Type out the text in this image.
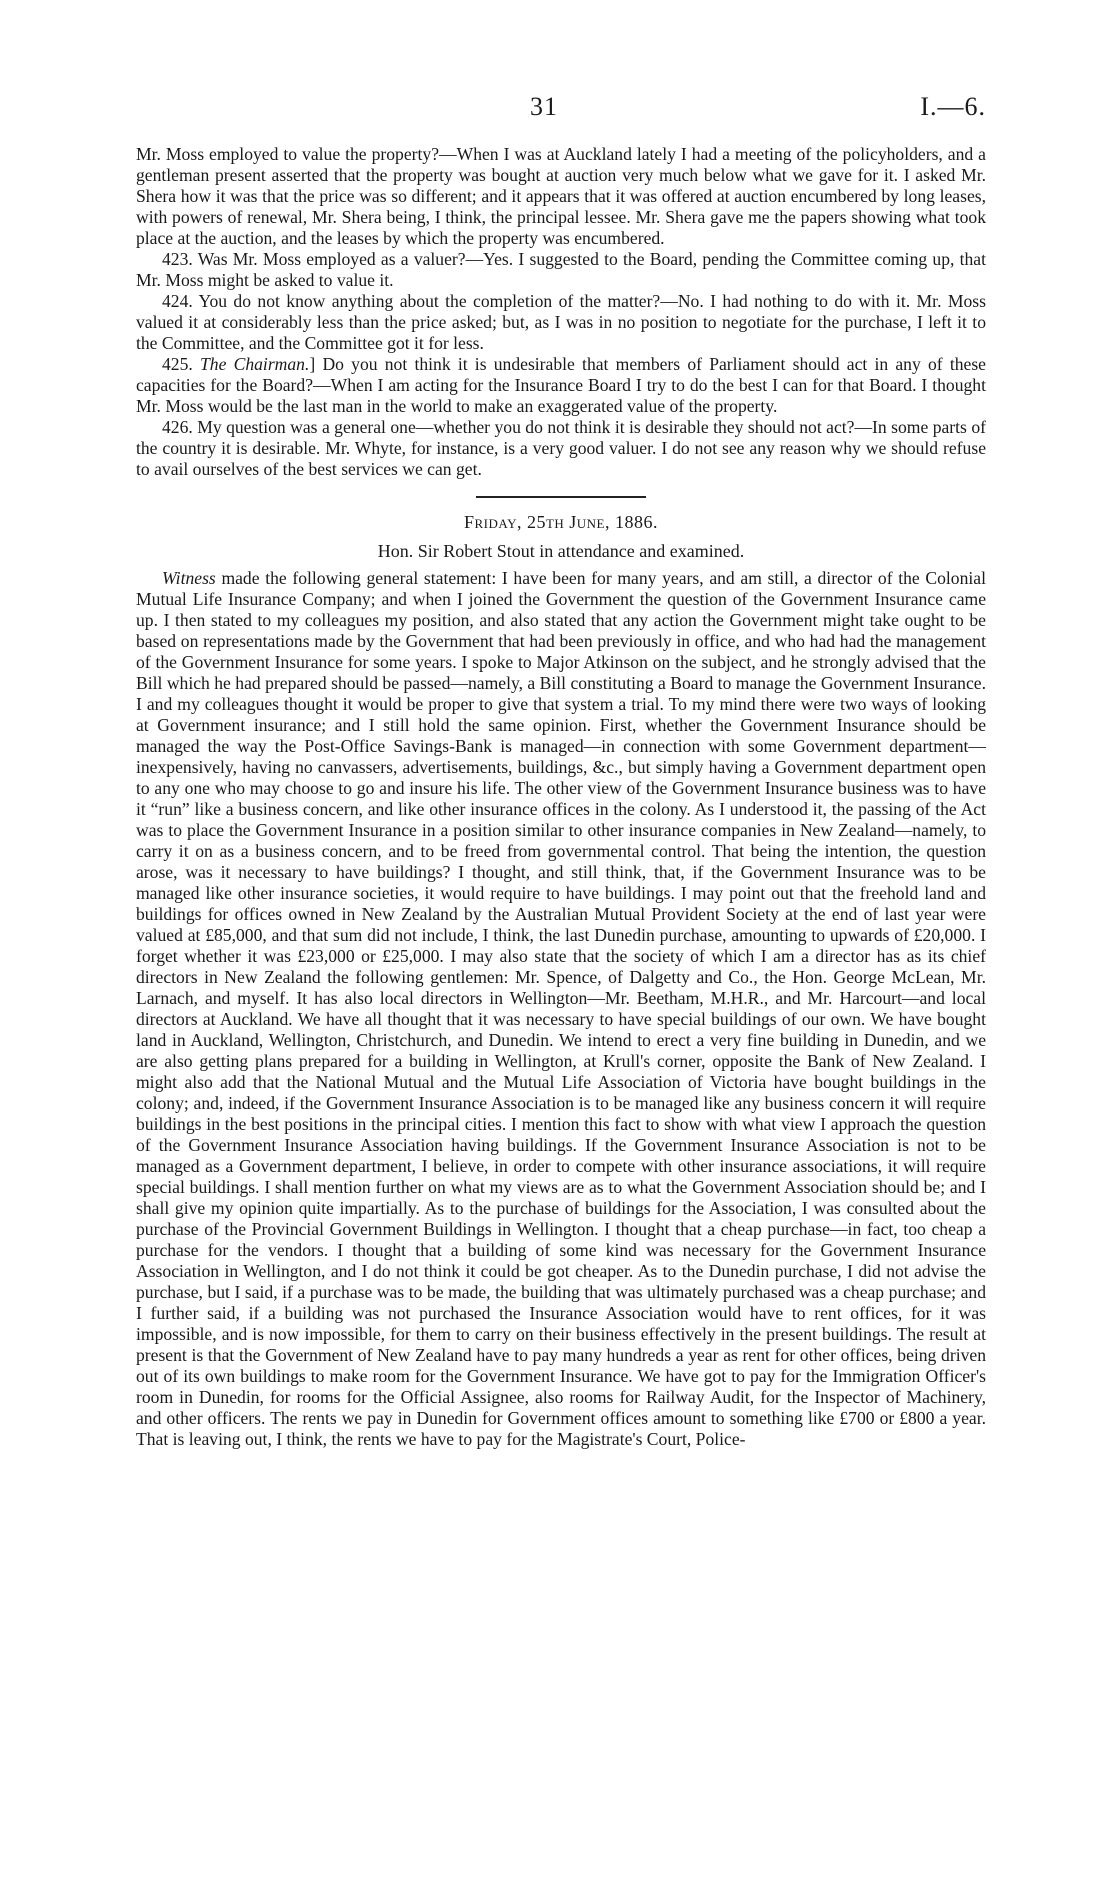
31	I.—6.

Mr. Moss employed to value the property?—When I was at Auckland lately I had a meeting of the policyholders, and a gentleman present asserted that the property was bought at auction very much below what we gave for it. I asked Mr. Shera how it was that the price was so different; and it appears that it was offered at auction encumbered by long leases, with powers of renewal, Mr. Shera being, I think, the principal lessee. Mr. Shera gave me the papers showing what took place at the auction, and the leases by which the property was encumbered.

423. Was Mr. Moss employed as a valuer?—Yes. I suggested to the Board, pending the Committee coming up, that Mr. Moss might be asked to value it.

424. You do not know anything about the completion of the matter?—No. I had nothing to do with it. Mr. Moss valued it at considerably less than the price asked; but, as I was in no position to negotiate for the purchase, I left it to the Committee, and the Committee got it for less.

425. The Chairman.] Do you not think it is undesirable that members of Parliament should act in any of these capacities for the Board?—When I am acting for the Insurance Board I try to do the best I can for that Board. I thought Mr. Moss would be the last man in the world to make an exaggerated value of the property.

426. My question was a general one—whether you do not think it is desirable they should not act?—In some parts of the country it is desirable. Mr. Whyte, for instance, is a very good valuer. I do not see any reason why we should refuse to avail ourselves of the best services we can get.

Friday, 25th June, 1886.

Hon. Sir Robert Stout in attendance and examined.

Witness made the following general statement: I have been for many years, and am still, a director of the Colonial Mutual Life Insurance Company; and when I joined the Government the question of the Government Insurance came up. I then stated to my colleagues my position, and also stated that any action the Government might take ought to be based on representations made by the Government that had been previously in office, and who had had the management of the Government Insurance for some years. I spoke to Major Atkinson on the subject, and he strongly advised that the Bill which he had prepared should be passed—namely, a Bill constituting a Board to manage the Government Insurance. I and my colleagues thought it would be proper to give that system a trial. To my mind there were two ways of looking at Government insurance; and I still hold the same opinion. First, whether the Government Insurance should be managed the way the Post-Office Savings-Bank is managed—in connection with some Government department—inexpensively, having no canvassers, advertisements, buildings, &c., but simply having a Government department open to any one who may choose to go and insure his life. The other view of the Government Insurance business was to have it “run” like a business concern, and like other insurance offices in the colony. As I understood it, the passing of the Act was to place the Government Insurance in a position similar to other insurance companies in New Zealand—namely, to carry it on as a business concern, and to be freed from governmental control. That being the intention, the question arose, was it necessary to have buildings? I thought, and still think, that, if the Government Insurance was to be managed like other insurance societies, it would require to have buildings. I may point out that the freehold land and buildings for offices owned in New Zealand by the Australian Mutual Provident Society at the end of last year were valued at £85,000, and that sum did not include, I think, the last Dunedin purchase, amounting to upwards of £20,000. I forget whether it was £23,000 or £25,000. I may also state that the society of which I am a director has as its chief directors in New Zealand the following gentlemen: Mr. Spence, of Dalgetty and Co., the Hon. George McLean, Mr. Larnach, and myself. It has also local directors in Wellington—Mr. Beetham, M.H.R., and Mr. Harcourt—and local directors at Auckland. We have all thought that it was necessary to have special buildings of our own. We have bought land in Auckland, Wellington, Christchurch, and Dunedin. We intend to erect a very fine building in Dunedin, and we are also getting plans prepared for a building in Wellington, at Krull's corner, opposite the Bank of New Zealand. I might also add that the National Mutual and the Mutual Life Association of Victoria have bought buildings in the colony; and, indeed, if the Government Insurance Association is to be managed like any business concern it will require buildings in the best positions in the principal cities. I mention this fact to show with what view I approach the question of the Government Insurance Association having buildings. If the Government Insurance Association is not to be managed as a Government department, I believe, in order to compete with other insurance associations, it will require special buildings. I shall mention further on what my views are as to what the Government Association should be; and I shall give my opinion quite impartially. As to the purchase of buildings for the Association, I was consulted about the purchase of the Provincial Government Buildings in Wellington. I thought that a cheap purchase—in fact, too cheap a purchase for the vendors. I thought that a building of some kind was necessary for the Government Insurance Association in Wellington, and I do not think it could be got cheaper. As to the Dunedin purchase, I did not advise the purchase, but I said, if a purchase was to be made, the building that was ultimately purchased was a cheap purchase; and I further said, if a building was not purchased the Insurance Association would have to rent offices, for it was impossible, and is now impossible, for them to carry on their business effectively in the present buildings. The result at present is that the Government of New Zealand have to pay many hundreds a year as rent for other offices, being driven out of its own buildings to make room for the Government Insurance. We have got to pay for the Immigration Officer's room in Dunedin, for rooms for the Official Assignee, also rooms for Railway Audit, for the Inspector of Machinery, and other officers. The rents we pay in Dunedin for Government offices amount to something like £700 or £800 a year. That is leaving out, I think, the rents we have to pay for the Magistrate's Court, Police-
